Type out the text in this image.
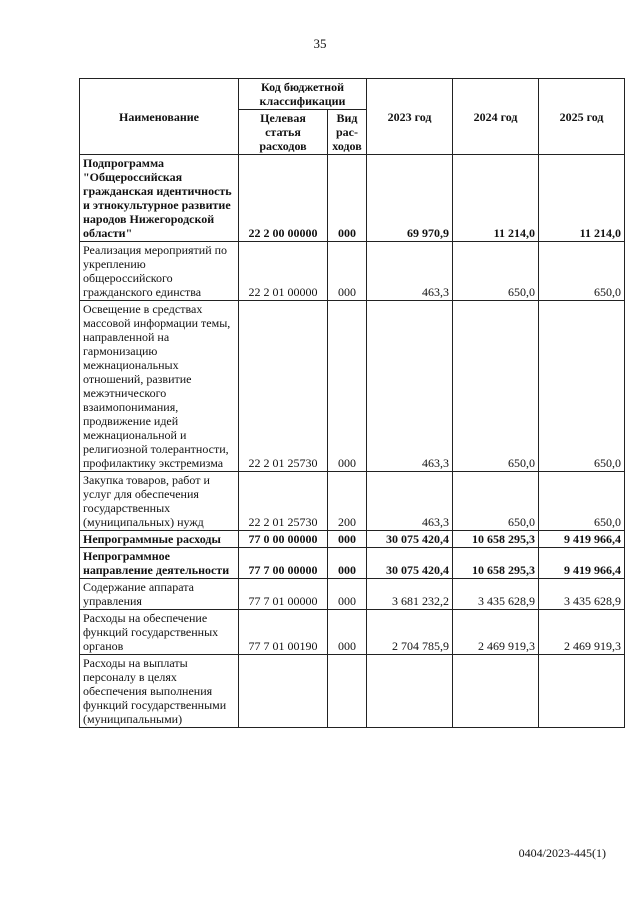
35
Наименование	Код бюджетной классификации		2023 год	2024 год	2025 год
	Целевая статья расходов	Вид рас-ходов			
Подпрограмма "Общероссийская гражданская идентичность и этнокультурное развитие народов Нижегородской области"	22 2 00 00000	000	69 970,9	11 214,0	11 214,0
Реализация мероприятий по укреплению общероссийского гражданского единства	22 2 01 00000	000	463,3	650,0	650,0
Освещение в средствах массовой информации темы, направленной на гармонизацию межнациональных отношений, развитие межэтнического взаимопонимания, продвижение идей межнациональной и религиозной толерантности, профилактику экстремизма	22 2 01 25730	000	463,3	650,0	650,0
Закупка товаров, работ и услуг для обеспечения государственных (муниципальных) нужд	22 2 01 25730	200	463,3	650,0	650,0
Непрограммные расходы	77 0 00 00000	000	30 075 420,4	10 658 295,3	9 419 966,4
Непрограммное направление деятельности	77 7 00 00000	000	30 075 420,4	10 658 295,3	9 419 966,4
Содержание аппарата управления	77 7 01 00000	000	3 681 232,2	3 435 628,9	3 435 628,9
Расходы на обеспечение функций государственных органов	77 7 01 00190	000	2 704 785,9	2 469 919,3	2 469 919,3
Расходы на выплаты персоналу в целях обеспечения выполнения функций государственными (муниципальными)					
0404/2023-445(1)
